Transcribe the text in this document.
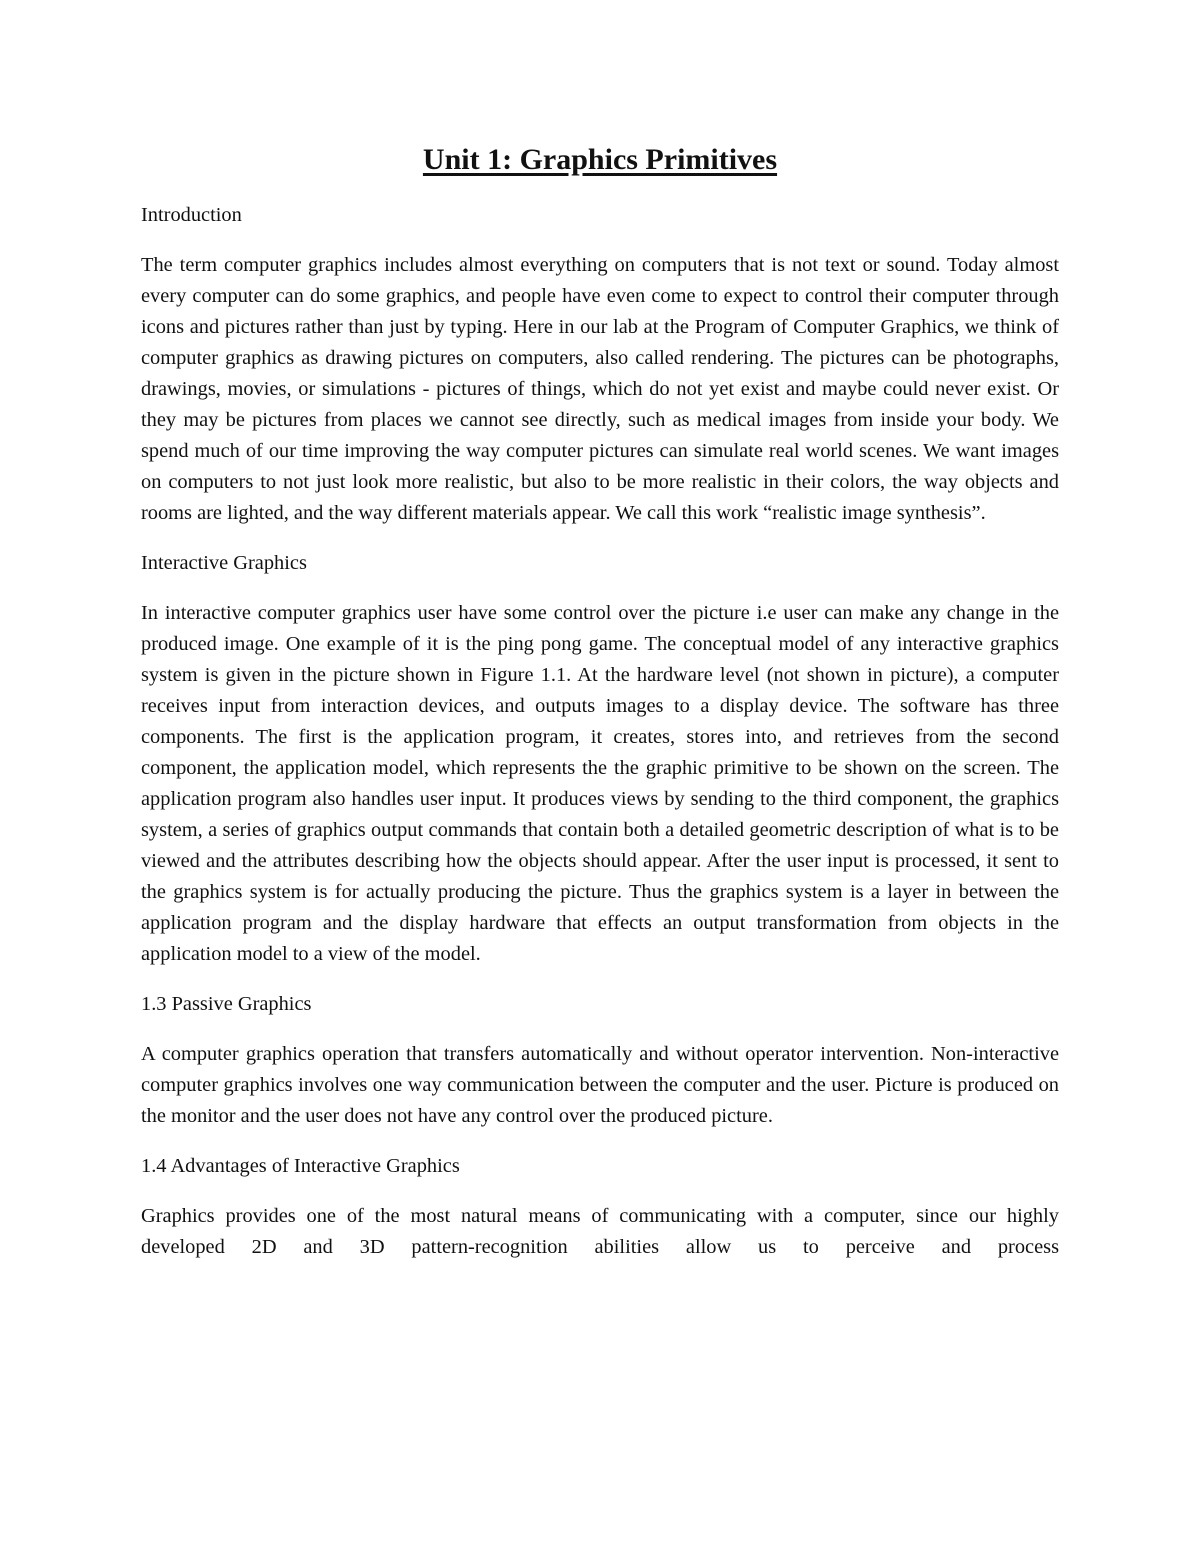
Unit 1: Graphics Primitives
Introduction
The term computer graphics includes almost everything on computers that is not text or sound. Today almost every computer can do some graphics, and people have even come to expect to control their computer through icons and pictures rather than just by typing. Here in our lab at the Program of Computer Graphics, we think of computer graphics as drawing pictures on computers, also called rendering. The pictures can be photographs, drawings, movies, or simulations - pictures of things, which do not yet exist and maybe could never exist. Or they may be pictures from places we cannot see directly, such as medical images from inside your body. We spend much of our time improving the way computer pictures can simulate real world scenes. We want images on computers to not just look more realistic, but also to be more realistic in their colors, the way objects and rooms are lighted, and the way different materials appear. We call this work “realistic image synthesis”.
Interactive Graphics
In interactive computer graphics user have some control over the picture i.e user can make any change in the produced image. One example of it is the ping pong game. The conceptual model of any interactive graphics system is given in the picture shown in Figure 1.1. At the hardware level (not shown in picture), a computer receives input from interaction devices, and outputs images to a display device. The software has three components. The first is the application program, it creates, stores into, and retrieves from the second component, the application model, which represents the the graphic primitive to be shown on the screen. The application program also handles user input. It produces views by sending to the third component, the graphics system, a series of graphics output commands that contain both a detailed geometric description of what is to be viewed and the attributes describing how the objects should appear. After the user input is processed, it sent to the graphics system is for actually producing the picture. Thus the graphics system is a layer in between the application program and the display hardware that effects an output transformation from objects in the application model to a view of the model.
1.3 Passive Graphics
A computer graphics operation that transfers automatically and without operator intervention. Non-interactive computer graphics involves one way communication between the computer and the user. Picture is produced on the monitor and the user does not have any control over the produced picture.
1.4 Advantages of Interactive Graphics
Graphics provides one of the most natural means of communicating with a computer, since our highly developed 2D and 3D pattern-recognition abilities allow us to perceive and process
